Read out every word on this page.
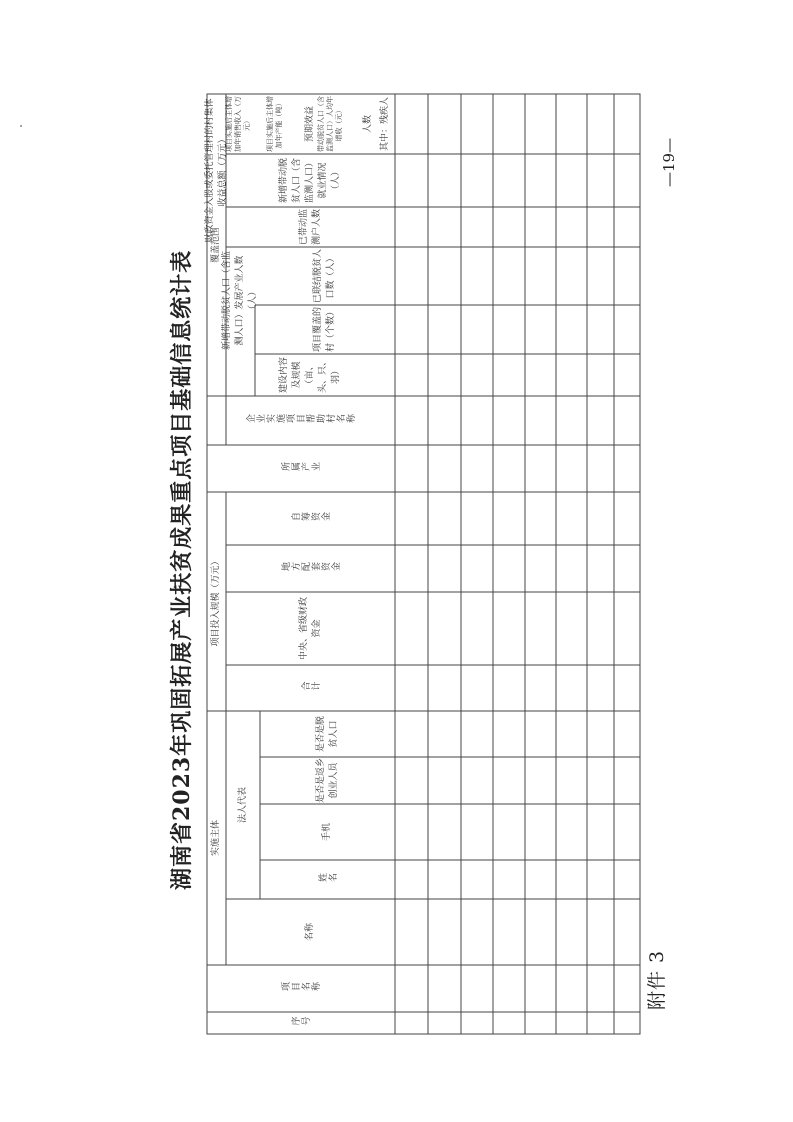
附件 3
湖南省2023年巩固拓展产业扶贫成果重点项目基础信息统计表
—19—
序号
项目名称
实施主体
名称
法人代表
姓名
手机
是否是返乡创业人员
是否是脱贫人口
项目投入规模（万元）
合计
中央、省级财政资金
地方配套资金
自筹资金
所属产业
企业实施项目帮助村名称
覆盖范围
建设内容及规模（亩、头、只、羽）
项目覆盖的村（个数）
已联结脱贫人口数（人）
已带动监测户人数
新增带动脱贫人口（含监测人口）就业情况（人）
预期效益	人数 其中：残疾人
财政资金入股或委托管理村的村集体收益总额（万元）
新增带动脱贫人口（含监测人口）发展产业人数（人）
带动脱贫人口（含监测人口）人均年增收（元）
项目实施后主体增加年产能（吨）
项目实施后主体增加年销售收入（万元）
